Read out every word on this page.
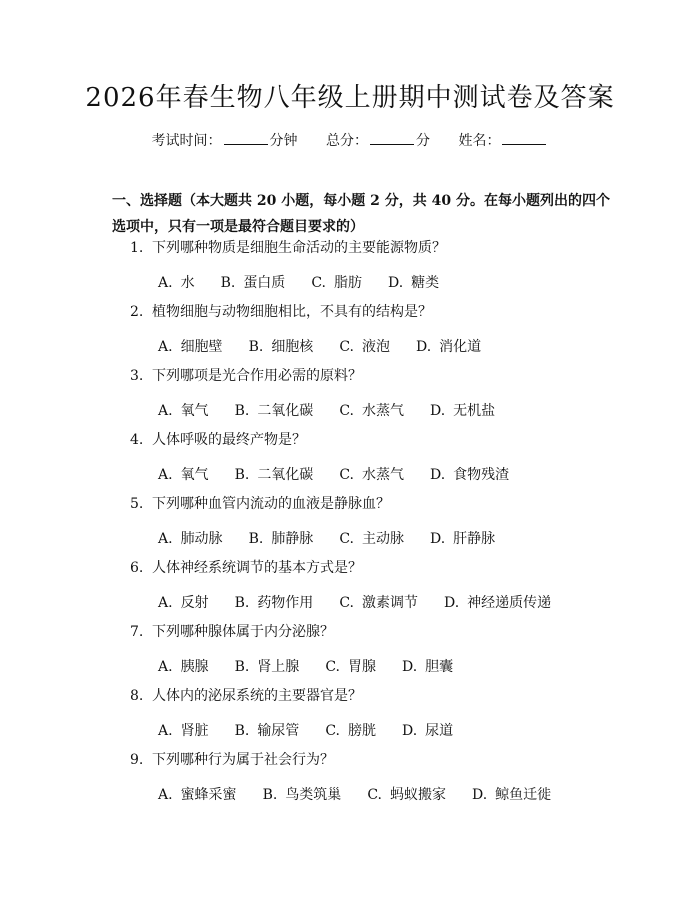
2026年春生物八年级上册期中测试卷及答案
考试时间：	分钟 总分：	分 姓名：
一、选择题（本大题共 20 小题，每小题 2 分，共 40 分。在每小题列出的四个选项中，只有一项是最符合题目要求的）
1. 下列哪种物质是细胞生命活动的主要能源物质？
A. 水 B. 蛋白质 C. 脂肪 D. 糖类
2. 植物细胞与动物细胞相比，不具有的结构是？
A. 细胞壁 B. 细胞核 C. 液泡 D. 消化道
3. 下列哪项是光合作用必需的原料？
A. 氧气 B. 二氧化碳 C. 水蒸气 D. 无机盐
4. 人体呼吸的最终产物是？
A. 氧气 B. 二氧化碳 C. 水蒸气 D. 食物残渣
5. 下列哪种血管内流动的血液是静脉血？
A. 肺动脉 B. 肺静脉 C. 主动脉 D. 肝静脉
6. 人体神经系统调节的基本方式是？
A. 反射 B. 药物作用 C. 激素调节 D. 神经递质传递
7. 下列哪种腺体属于内分泌腺？
A. 胰腺 B. 肾上腺 C. 胃腺 D. 胆囊
8. 人体内的泌尿系统的主要器官是？
A. 肾脏 B. 输尿管 C. 膀胱 D. 尿道
9. 下列哪种行为属于社会行为？
A. 蜜蜂采蜜 B. 鸟类筑巢 C. 蚂蚁搬家 D. 鲸鱼迁徙
